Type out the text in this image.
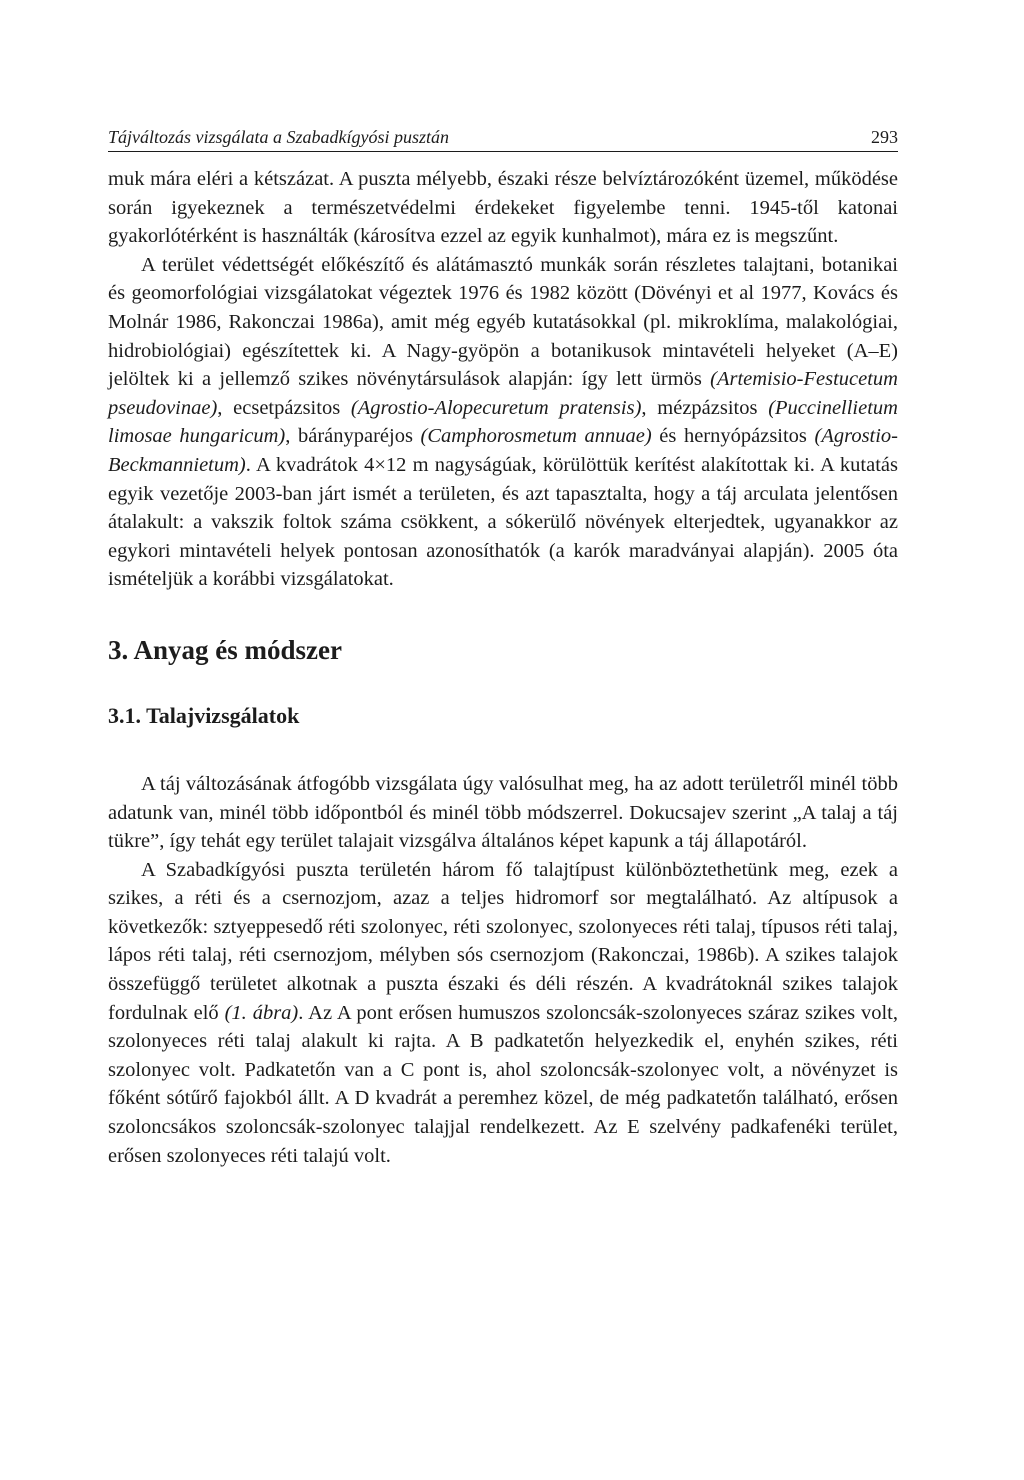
Tájváltozás vizsgálata a Szabadkígyósi pusztán	293

muk mára eléri a kétszázat. A puszta mélyebb, északi része belvíztározóként üzemel, működése során igyekeznek a természetvédelmi érdekeket figyelembe tenni. 1945-től katonai gyakorlótérként is használták (károsítva ezzel az egyik kunhalmot), mára ez is megszűnt.

A terület védettségét előkészítő és alátámasztó munkák során részletes talajtani, botanikai és geomorfológiai vizsgálatokat végeztek 1976 és 1982 között (Dövényi et al 1977, Kovács és Molnár 1986, Rakonczai 1986a), amit még egyéb kutatásokkal (pl. mikroklíma, malakológiai, hidrobiológiai) egészítettek ki. A Nagy-gyöpön a botanikusok mintavételi helyeket (A–E) jelöltek ki a jellemző szikes növénytársulások alapján: így lett ürmös (Artemisio-Festucetum pseudovinae), ecsetpázsitos (Agrostio-Alopecuretum pratensis), mézpázsitos (Puccinellietum limosae hungaricum), bárányparéjos (Camphorosmetum annuae) és hernyópázsitos (Agrostio-Beckmannietum). A kvadrátok 4×12 m nagyságúak, körülöttük kerítést alakítottak ki. A kutatás egyik vezetője 2003-ban járt ismét a területen, és azt tapasztalta, hogy a táj arculata jelentősen átalakult: a vakszik foltok száma csökkent, a sókerülő növények elterjedtek, ugyanakkor az egykori mintavételi helyek pontosan azonosíthatók (a karók maradványai alapján). 2005 óta ismételjük a korábbi vizsgálatokat.

3. Anyag és módszer
3.1. Talajvizsgálatok

A táj változásának átfogóbb vizsgálata úgy valósulhat meg, ha az adott területről minél több adatunk van, minél több időpontból és minél több módszerrel. Dokucsajev szerint „A talaj a táj tükre”, így tehát egy terület talajait vizsgálva általános képet kapunk a táj állapotáról.

A Szabadkígyósi puszta területén három fő talajtípust különböztethetünk meg, ezek a szikes, a réti és a csernozjom, azaz a teljes hidromorf sor megtalálható. Az altípusok a következők: sztyeppesedő réti szolonyec, réti szolonyec, szolonyeces réti talaj, típusos réti talaj, lápos réti talaj, réti csernozjom, mélyben sós csernozjom (Rakonczai, 1986b). A szikes talajok összefüggő területet alkotnak a puszta északi és déli részén. A kvadrátoknál szikes talajok fordulnak elő (1. ábra). Az A pont erősen humuszos szoloncsák-szolonyeces száraz szikes volt, szolonyeces réti talaj alakult ki rajta. A B padkatetőn helyezkedik el, enyhén szikes, réti szolonyec volt. Padkatetőn van a C pont is, ahol szoloncsák-szolonyec volt, a növényzet is főként sótűrő fajokból állt. A D kvadrát a peremhez közel, de még padkatetőn található, erősen szoloncsákos szoloncsák-szolonyec talajjal rendelkezett. Az E szelvény padkafenéki terület, erősen szolonyeces réti talajú volt.
